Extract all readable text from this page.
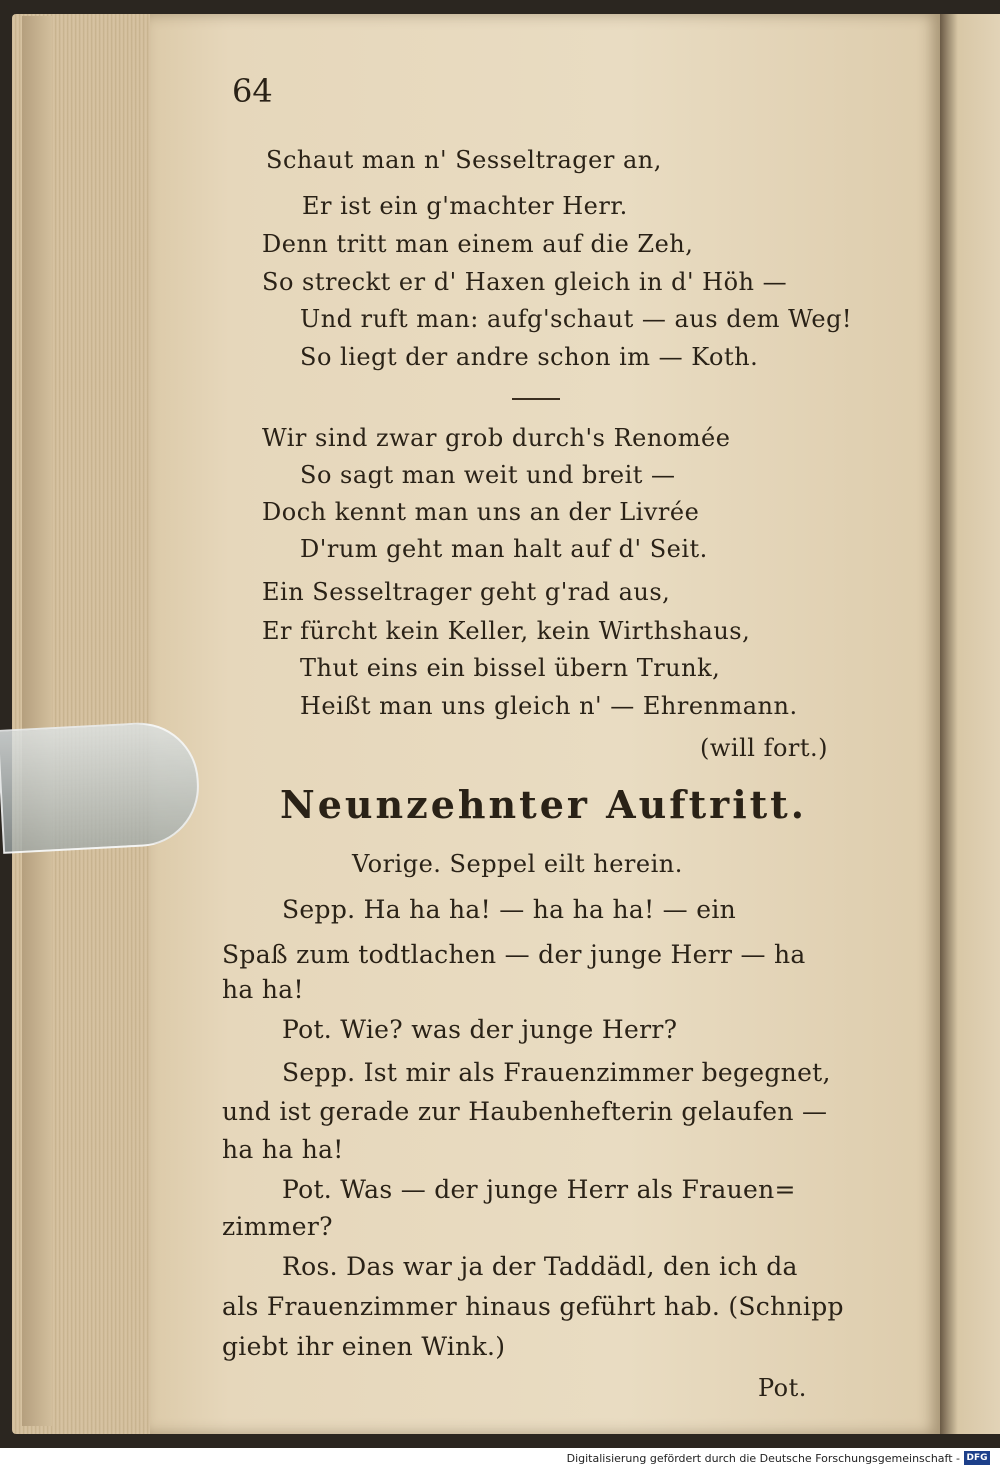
64
Schaut man n' Sesseltrager an,
Er ist ein g'machter Herr.
Denn tritt man einem auf die Zeh,
So streckt er d' Haxen gleich in d' Höh —
Und ruft man: aufg'schaut — aus dem Weg!
So liegt der andre schon im — Koth.
Wir sind zwar grob durch's Renomée
So sagt man weit und breit —
Doch kennt man uns an der Livrée
D'rum geht man halt auf d' Seit.
Ein Sesseltrager geht g'rad aus,
Er fürcht kein Keller, kein Wirthshaus,
Thut eins ein bissel übern Trunk,
Heißt man uns gleich n' — Ehrenmann.
(will fort.)
Neunzehnter Auftritt.
Vorige. Seppel eilt herein.
Sepp. Ha ha ha! — ha ha ha! — ein
Spaß zum todtlachen — der junge Herr — ha
ha ha!
Pot. Wie? was der junge Herr?
Sepp. Ist mir als Frauenzimmer begegnet,
und ist gerade zur Haubenhefterin gelaufen —
ha ha ha!
Pot. Was — der junge Herr als Frauen=
zimmer?
Ros. Das war ja der Taddädl, den ich da
als Frauenzimmer hinaus geführt hab. (Schnipp
giebt ihr einen Wink.)
Pot.
Digitalisierung gefördert durch die Deutsche Forschungsgemeinschaft - DFG
